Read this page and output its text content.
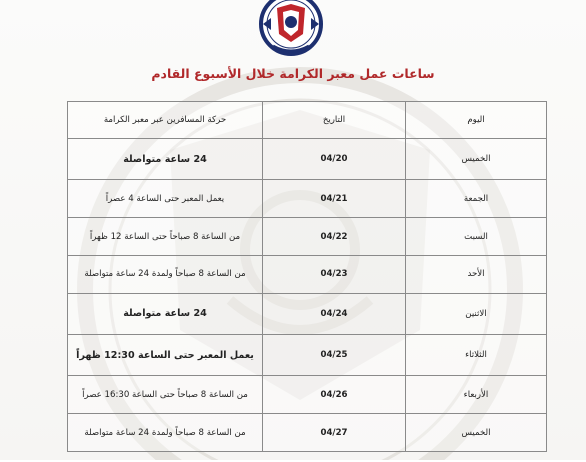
ساعات عمل معبر الكرامة خلال الأسبوع القادم
اليوم	التاريخ	حركة المسافرين عبر معبر الكرامة
الخميس	04/20	24 ساعة متواصلة
الجمعة	04/21	يعمل المعبر حتى الساعة 4 عصراً
السبت	04/22	من الساعة 8 صباحاً حتى الساعة 12 ظهراً
الأحد	04/23	من الساعة 8 صباحاً ولمدة 24 ساعة متواصلة
الاثنين	04/24	24 ساعة متواصلة
الثلاثاء	04/25	يعمل المعبر حتى الساعة 12:30 ظهراً
الأربعاء	04/26	من الساعة 8 صباحاً حتى الساعة 16:30 عصراً
الخميس	04/27	من الساعة 8 صباحاً ولمدة 24 ساعة متواصلة
